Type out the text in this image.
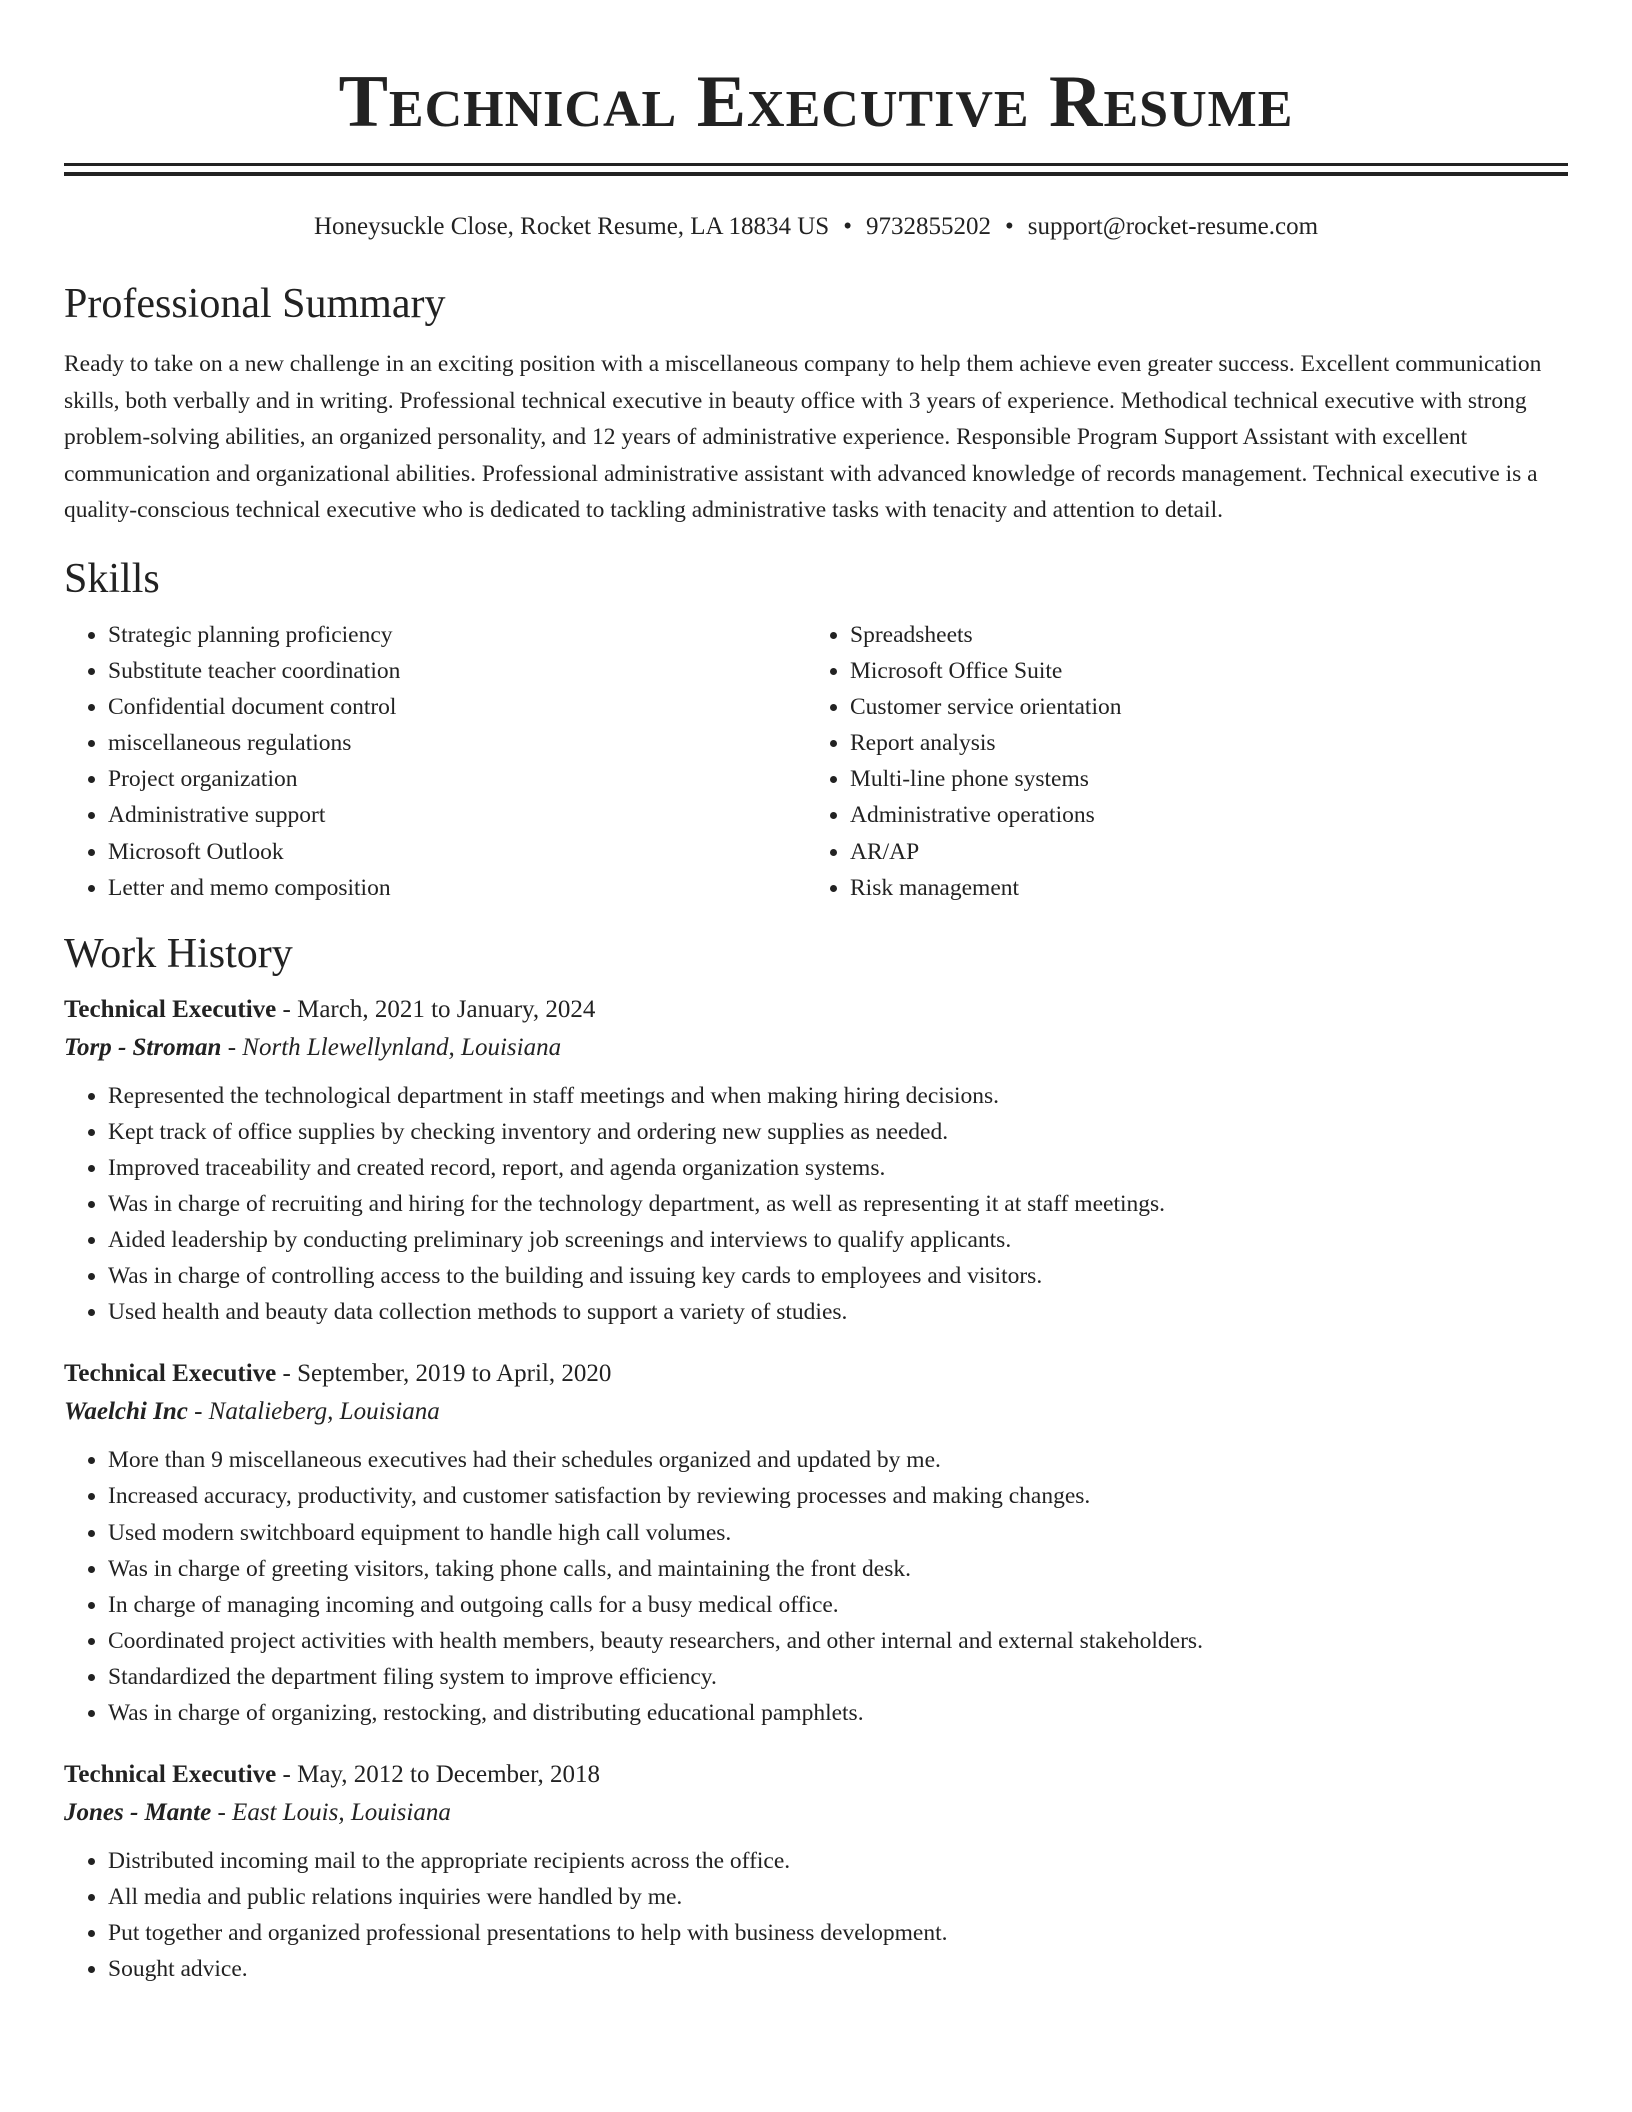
Technical Executive Resume
Honeysuckle Close, Rocket Resume, LA 18834 US • 9732855202 • support@rocket-resume.com
Professional Summary

Ready to take on a new challenge in an exciting position with a miscellaneous company to help them achieve even greater success. Excellent communication skills, both verbally and in writing. Professional technical executive in beauty office with 3 years of experience. Methodical technical executive with strong problem-solving abilities, an organized personality, and 12 years of administrative experience. Responsible Program Support Assistant with excellent communication and organizational abilities. Professional administrative assistant with advanced knowledge of records management. Technical executive is a quality-conscious technical executive who is dedicated to tackling administrative tasks with tenacity and attention to detail.

Skills
• Strategic planning proficiency
• Substitute teacher coordination
• Confidential document control
• miscellaneous regulations
• Project organization
• Administrative support
• Microsoft Outlook
• Letter and memo composition
• Spreadsheets
• Microsoft Office Suite
• Customer service orientation
• Report analysis
• Multi-line phone systems
• Administrative operations
• AR/AP
• Risk management
Work History
Technical Executive - March, 2021 to January, 2024
Torp - Stroman - North Llewellynland, Louisiana
• Represented the technological department in staff meetings and when making hiring decisions.
• Kept track of office supplies by checking inventory and ordering new supplies as needed.
• Improved traceability and created record, report, and agenda organization systems.
• Was in charge of recruiting and hiring for the technology department, as well as representing it at staff meetings.
• Aided leadership by conducting preliminary job screenings and interviews to qualify applicants.
• Was in charge of controlling access to the building and issuing key cards to employees and visitors.
• Used health and beauty data collection methods to support a variety of studies.
Technical Executive - September, 2019 to April, 2020
Waelchi Inc - Natalieberg, Louisiana
• More than 9 miscellaneous executives had their schedules organized and updated by me.
• Increased accuracy, productivity, and customer satisfaction by reviewing processes and making changes.
• Used modern switchboard equipment to handle high call volumes.
• Was in charge of greeting visitors, taking phone calls, and maintaining the front desk.
• In charge of managing incoming and outgoing calls for a busy medical office.
• Coordinated project activities with health members, beauty researchers, and other internal and external stakeholders.
• Standardized the department filing system to improve efficiency.
• Was in charge of organizing, restocking, and distributing educational pamphlets.
Technical Executive - May, 2012 to December, 2018
Jones - Mante - East Louis, Louisiana
• Distributed incoming mail to the appropriate recipients across the office.
• All media and public relations inquiries were handled by me.
• Put together and organized professional presentations to help with business development.
• Sought advice.
